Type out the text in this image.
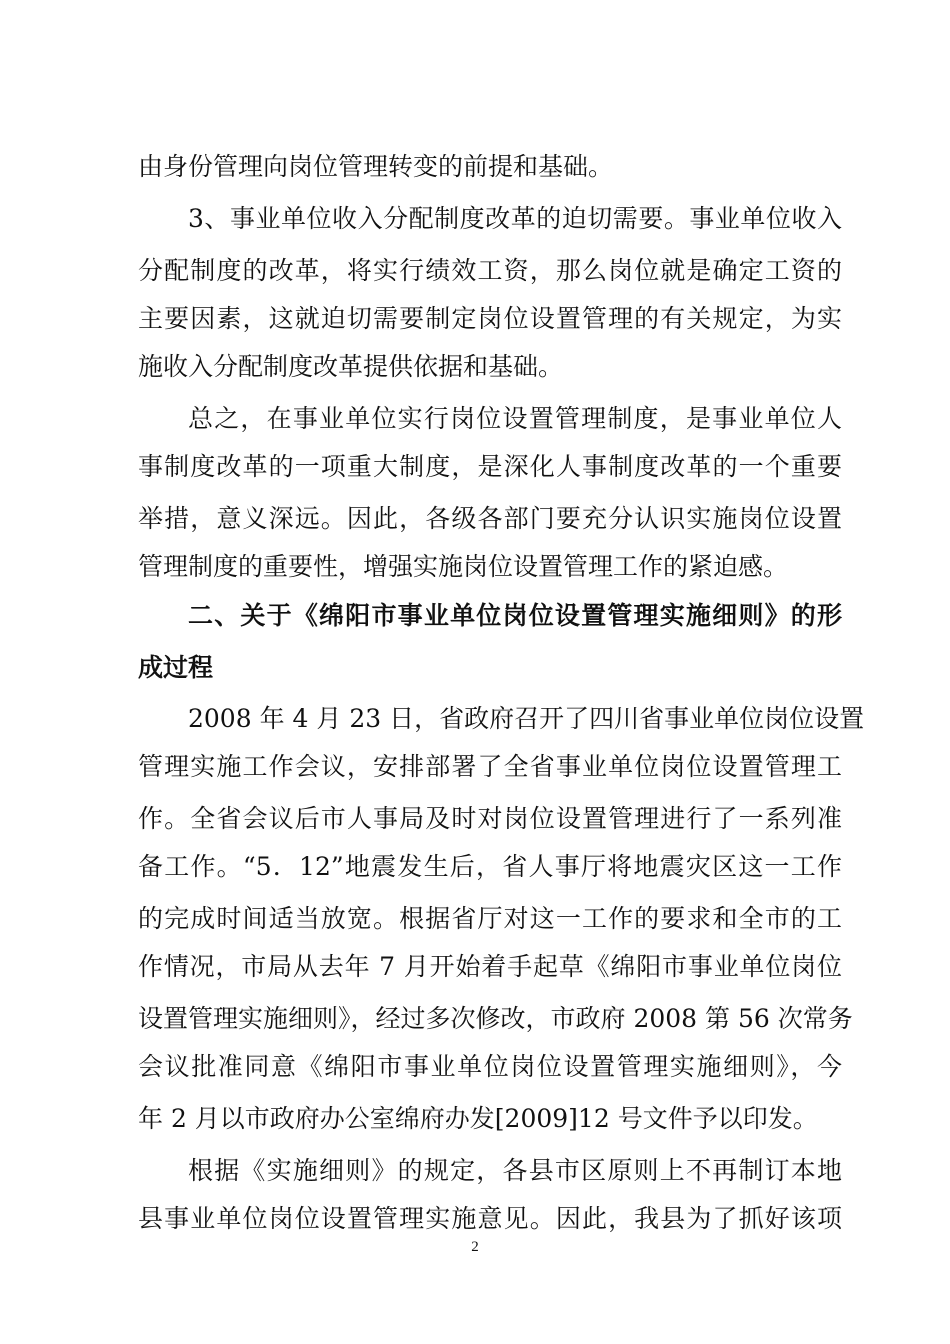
由身份管理向岗位管理转变的前提和基础。
3、事业单位收入分配制度改革的迫切需要。事业单位收入
分配制度的改革，将实行绩效工资，那么岗位就是确定工资的
主要因素，这就迫切需要制定岗位设置管理的有关规定，为实
施收入分配制度改革提供依据和基础。
总之，在事业单位实行岗位设置管理制度，是事业单位人
事制度改革的一项重大制度，是深化人事制度改革的一个重要
举措，意义深远。因此，各级各部门要充分认识实施岗位设置
管理制度的重要性，增强实施岗位设置管理工作的紧迫感。
二、关于《绵阳市事业单位岗位设置管理实施细则》的形
成过程
2008 年 4 月 23 日，省政府召开了四川省事业单位岗位设置
管理实施工作会议，安排部署了全省事业单位岗位设置管理工
作。全省会议后市人事局及时对岗位设置管理进行了一系列准
备工作。“5．12”地震发生后，省人事厅将地震灾区这一工作
的完成时间适当放宽。根据省厅对这一工作的要求和全市的工
作情况，市局从去年 7 月开始着手起草《绵阳市事业单位岗位
设置管理实施细则》，经过多次修改，市政府 2008 第 56 次常务
会议批准同意《绵阳市事业单位岗位设置管理实施细则》，今
年 2 月以市政府办公室绵府办发[2009]12 号文件予以印发。
根据《实施细则》的规定，各县市区原则上不再制订本地
县事业单位岗位设置管理实施意见。因此，我县为了抓好该项
2
